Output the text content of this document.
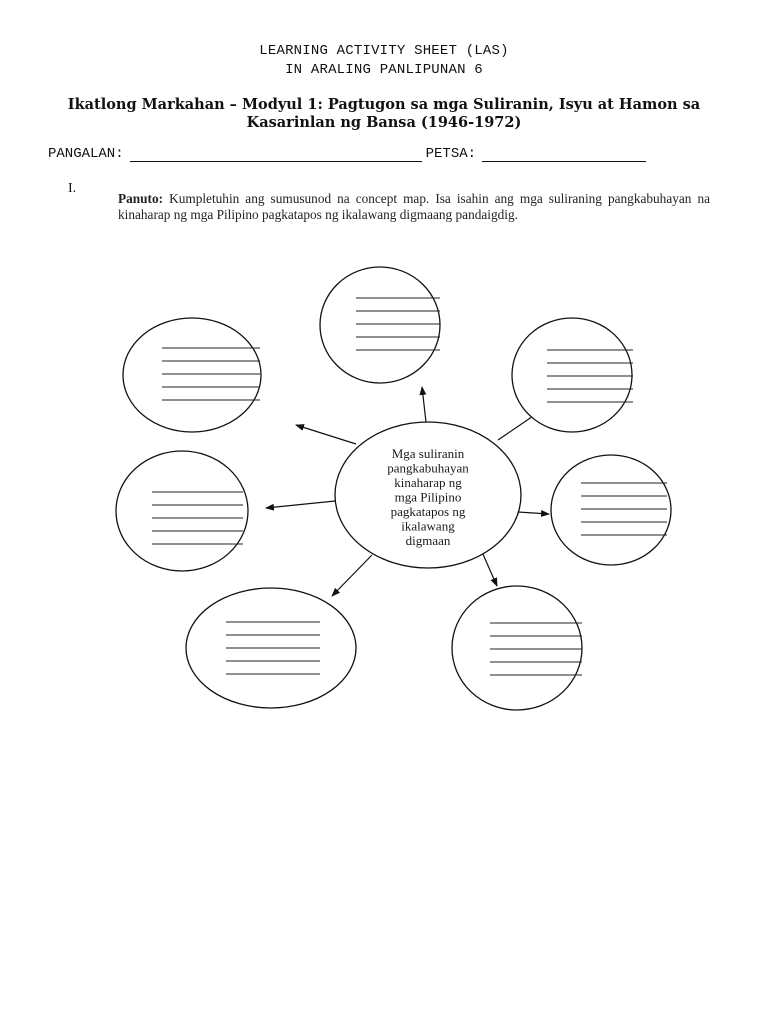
LEARNING ACTIVITY SHEET (LAS)
IN ARALING PANLIPUNAN 6
Ikatlong Markahan – Modyul 1: Pagtugon sa mga Suliranin, Isyu at Hamon sa
Kasarinlan ng Bansa (1946-1972)
PANGALAN:	PETSA:
I.
Panuto: Kumpletuhin ang sumusunod na concept map. Isa isahin ang mga suliraning pangkabuhayan na kinaharap ng mga Pilipino pagkatapos ng ikalawang digmaang pandaigdig.
Mga suliranin pangkabuhayan kinaharap ng mga Pilipino pagkatapos ng ikalawang digmaan
